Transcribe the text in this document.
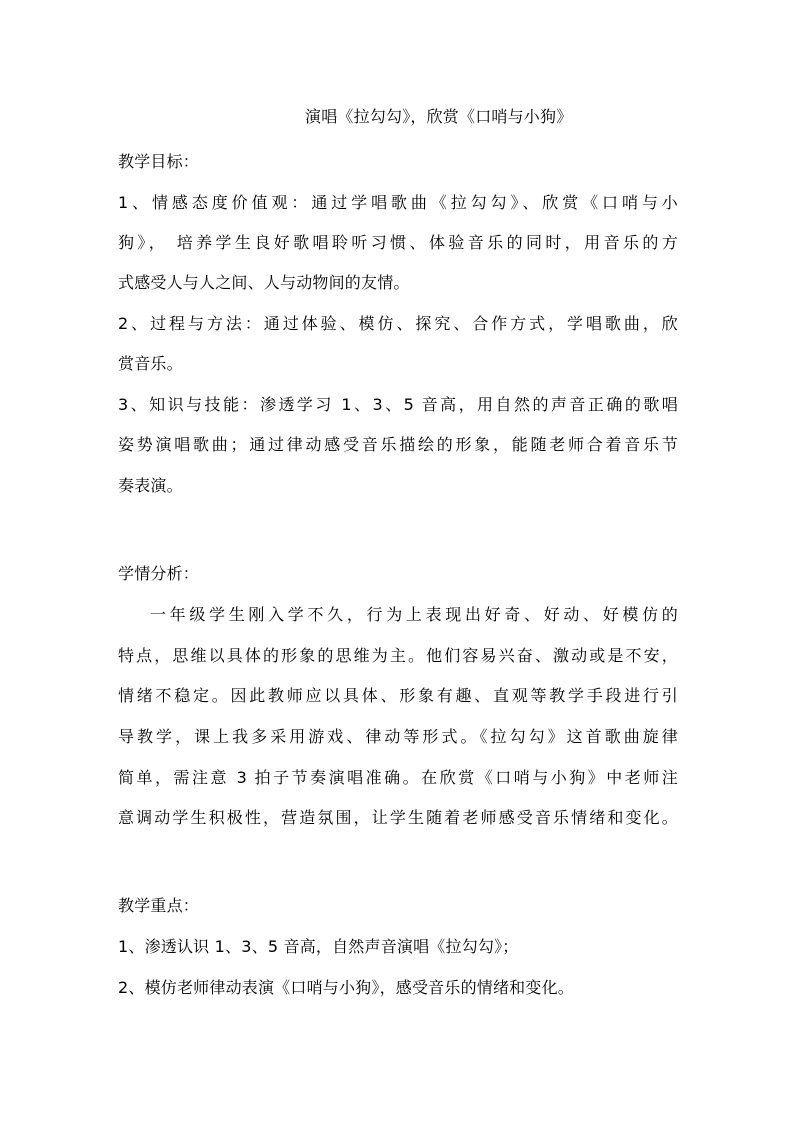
演唱《拉勾勾》，欣赏《口哨与小狗》
教学目标：
1、情感态度价值观：通过学唱歌曲《拉勾勾》、欣赏《口哨与小
狗》， 培养学生良好歌唱聆听习惯、体验音乐的同时，用音乐的方
式感受人与人之间、人与动物间的友情。
2、过程与方法：通过体验、模仿、探究、合作方式，学唱歌曲，欣
赏音乐。
3、知识与技能：渗透学习 1、3、5 音高，用自然的声音正确的歌唱
姿势演唱歌曲；通过律动感受音乐描绘的形象，能随老师合着音乐节
奏表演。
学情分析：
一年级学生刚入学不久，行为上表现出好奇、好动、好模仿的
特点，思维以具体的形象的思维为主。他们容易兴奋、激动或是不安，
情绪不稳定。因此教师应以具体、形象有趣、直观等教学手段进行引
导教学，课上我多采用游戏、律动等形式。《拉勾勾》这首歌曲旋律
简单，需注意 3 拍子节奏演唱准确。在欣赏《口哨与小狗》中老师注
意调动学生积极性，营造氛围，让学生随着老师感受音乐情绪和变化。
教学重点：
1、渗透认识 1、3、5 音高，自然声音演唱《拉勾勾》；
2、模仿老师律动表演《口哨与小狗》，感受音乐的情绪和变化。
